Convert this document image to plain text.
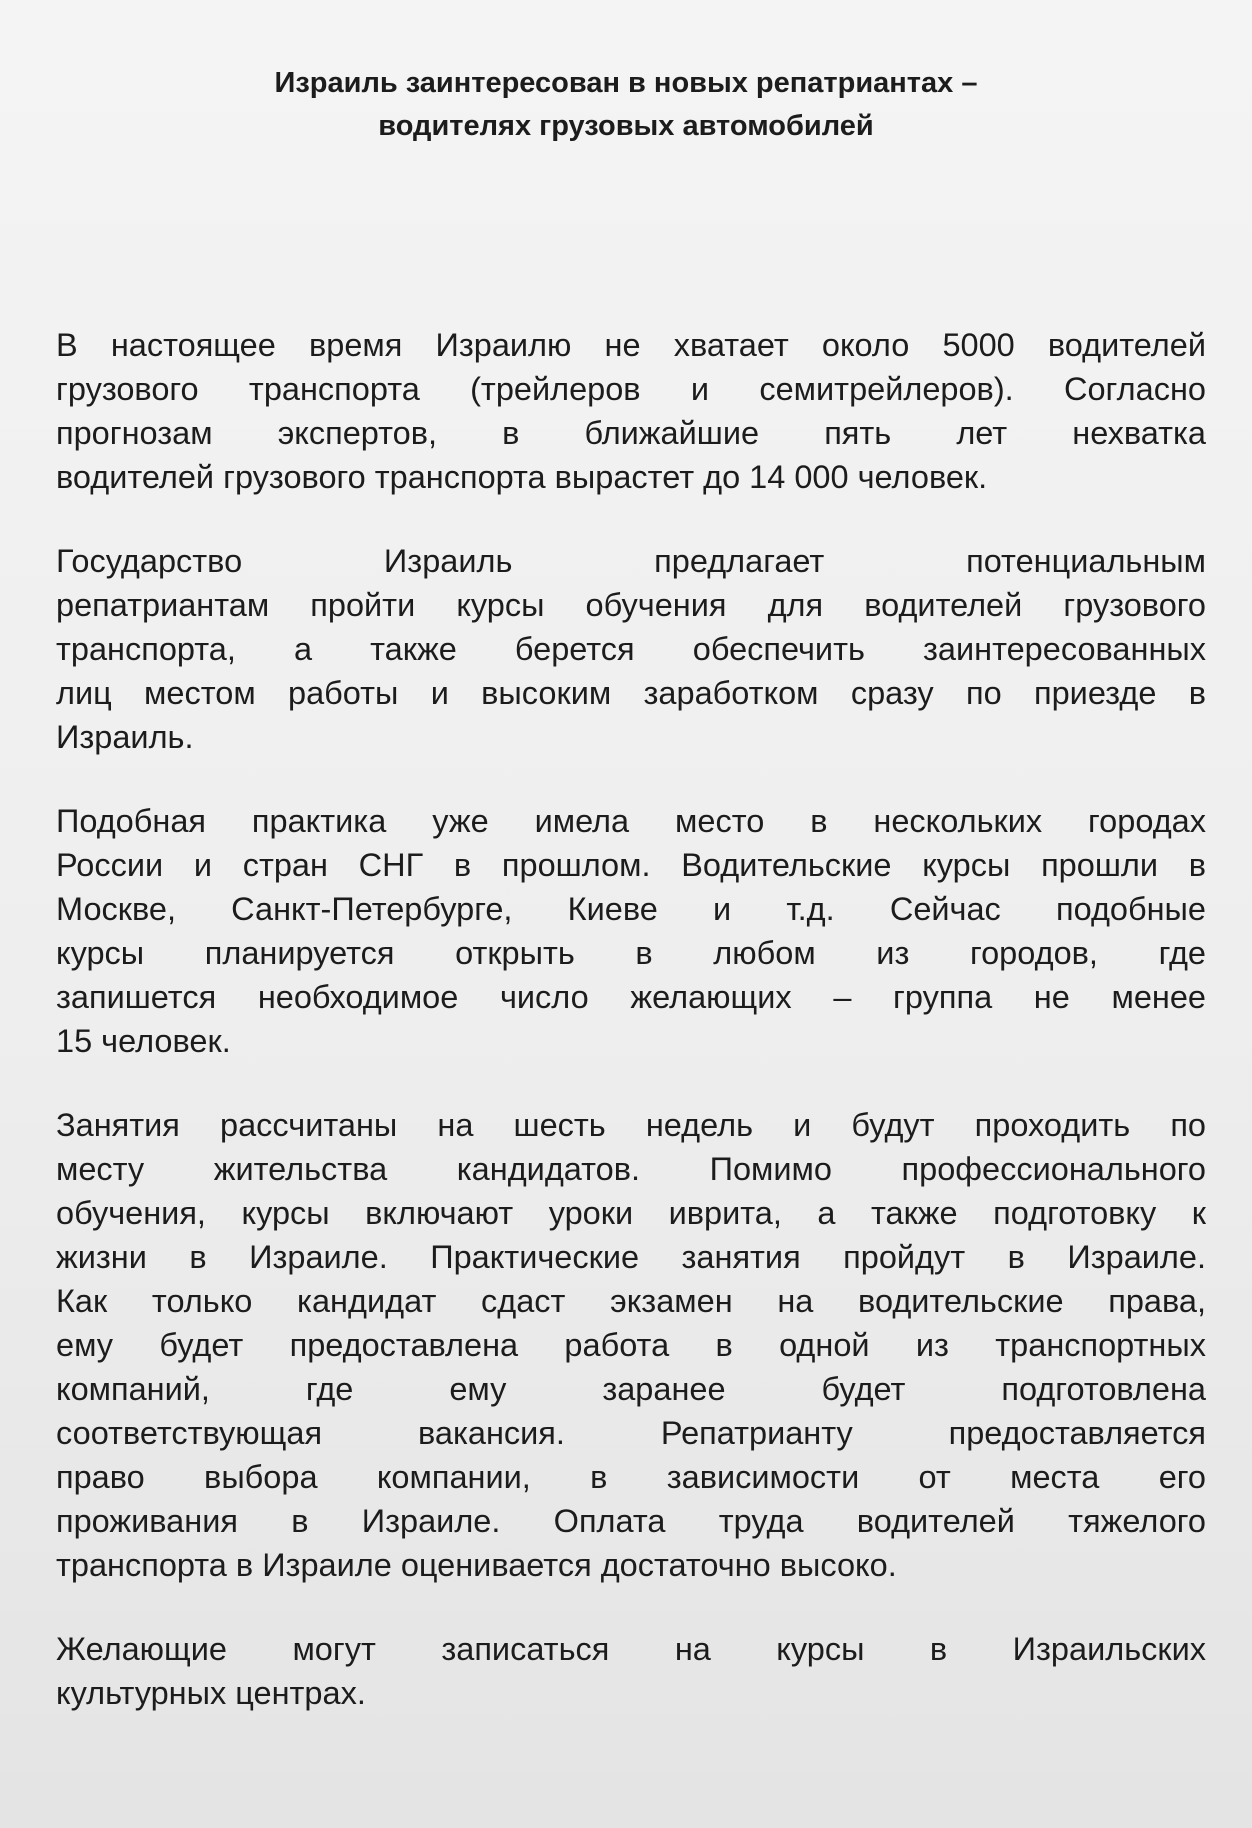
Израиль заинтересован в новых репатриантах –
водителях грузовых автомобилей

В настоящее время Израилю не хватает около 5000 водителей
грузового транспорта (трейлеров и семитрейлеров). Согласно
прогнозам экспертов, в ближайшие пять лет нехватка
водителей грузового транспорта вырастет до 14 000 человек.

Государство Израиль предлагает потенциальным
репатриантам пройти курсы обучения для водителей грузового
транспорта, а также берется обеспечить заинтересованных
лиц местом работы и высоким заработком сразу по приезде в
Израиль.

Подобная практика уже имела место в нескольких городах
России и стран СНГ в прошлом. Водительские курсы прошли в
Москве, Санкт-Петербурге, Киеве и т.д. Сейчас подобные
курсы планируется открыть в любом из городов, где
запишется необходимое число желающих – группа не менее
15 человек.

Занятия рассчитаны на шесть недель и будут проходить по
месту жительства кандидатов. Помимо профессионального
обучения, курсы включают уроки иврита, а также подготовку к
жизни в Израиле. Практические занятия пройдут в Израиле.
Как только кандидат сдаст экзамен на водительские права,
ему будет предоставлена работа в одной из транспортных
компаний, где ему заранее будет подготовлена
соответствующая вакансия. Репатрианту предоставляется
право выбора компании, в зависимости от места его
проживания в Израиле. Оплата труда водителей тяжелого
транспорта в Израиле оценивается достаточно высоко.

Желающие могут записаться на курсы в Израильских
культурных центрах.
